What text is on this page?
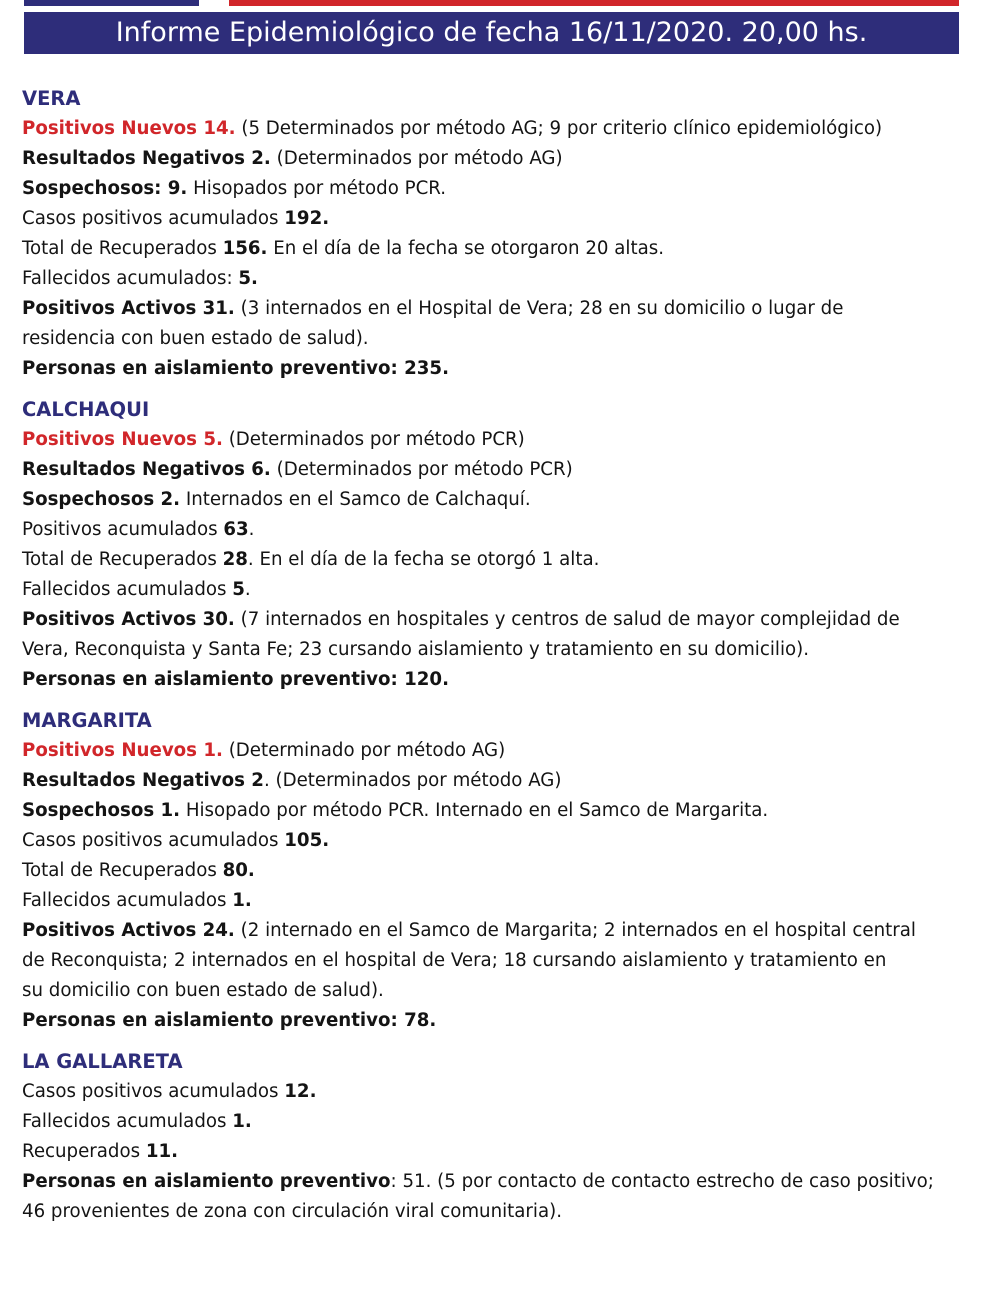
Informe Epidemiológico de fecha 16/11/2020. 20,00 hs.
VERA
Positivos Nuevos 14. (5 Determinados por método AG; 9 por criterio clínico epidemiológico)
Resultados Negativos 2. (Determinados por método AG)
Sospechosos: 9. Hisopados por método PCR.
Casos positivos acumulados 192.
Total de Recuperados 156. En el día de la fecha se otorgaron 20 altas.
Fallecidos acumulados: 5.
Positivos Activos 31. (3 internados en el Hospital de Vera; 28 en su domicilio o lugar de
residencia con buen estado de salud).
Personas en aislamiento preventivo: 235.
CALCHAQUI
Positivos Nuevos 5. (Determinados por método PCR)
Resultados Negativos 6. (Determinados por método PCR)
Sospechosos 2. Internados en el Samco de Calchaquí.
Positivos acumulados 63.
Total de Recuperados 28. En el día de la fecha se otorgó 1 alta.
Fallecidos acumulados 5.
Positivos Activos 30. (7 internados en hospitales y centros de salud de mayor complejidad de
Vera, Reconquista y Santa Fe; 23 cursando aislamiento y tratamiento en su domicilio).
Personas en aislamiento preventivo: 120.
MARGARITA
Positivos Nuevos 1. (Determinado por método AG)
Resultados Negativos 2. (Determinados por método AG)
Sospechosos 1. Hisopado por método PCR. Internado en el Samco de Margarita.
Casos positivos acumulados 105.
Total de Recuperados 80.
Fallecidos acumulados 1.
Positivos Activos 24. (2 internado en el Samco de Margarita; 2 internados en el hospital central
de Reconquista; 2 internados en el hospital de Vera; 18 cursando aislamiento y tratamiento en
su domicilio con buen estado de salud).
Personas en aislamiento preventivo: 78.
LA GALLARETA
Casos positivos acumulados 12.
Fallecidos acumulados 1.
Recuperados 11.
Personas en aislamiento preventivo: 51. (5 por contacto de contacto estrecho de caso positivo;
46 provenientes de zona con circulación viral comunitaria).
